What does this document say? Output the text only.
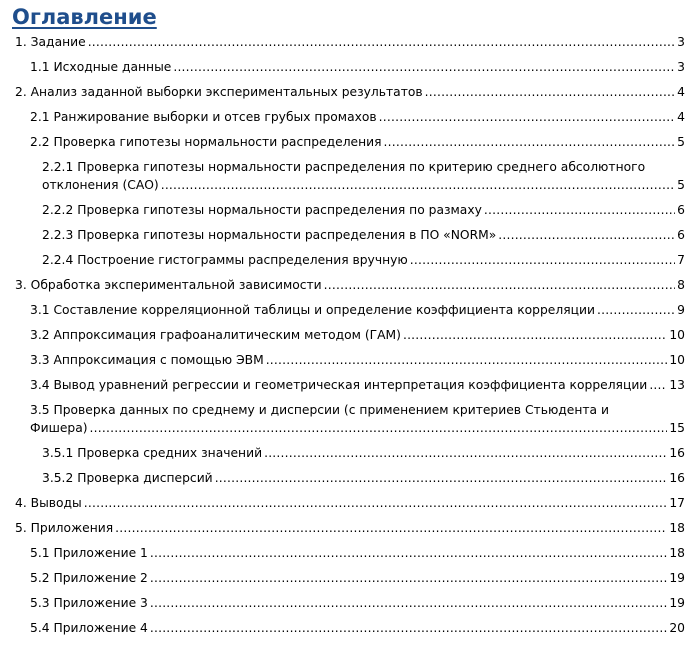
Оглавление
1. Задание .....	3
1.1 Исходные данные .....	3
2. Анализ заданной выборки экспериментальных результатов .....	4
2.1 Ранжирование выборки и отсев грубых промахов .....	4
2.2 Проверка гипотезы нормальности распределения .....	5
2.2.1 Проверка гипотезы нормальности распределения по критерию среднего абсолютного
отклонения (САО) .....	5
2.2.2 Проверка гипотезы нормальности распределения по размаху .....	6
2.2.3 Проверка гипотезы нормальности распределения в ПО «NORM» .....	6
2.2.4 Построение гистограммы распределения вручную .....	7
3. Обработка экспериментальной зависимости .....	8
3.1 Составление корреляционной таблицы и определение коэффициента корреляции .....	9
3.2 Аппроксимация графоаналитическим методом (ГАМ) .....	10
3.3 Аппроксимация с помощью ЭВМ .....	10
3.4 Вывод уравнений регрессии и геометрическая интерпретация коэффициента корреляции ..... 13
3.5 Проверка данных по среднему и дисперсии (с применением критериев Стьюдента и
Фишера) .....	15
3.5.1 Проверка средних значений .....	16
3.5.2 Проверка дисперсий .....	16
4. Выводы .....	17
5. Приложения .....	18
5.1 Приложение 1 .....	18
5.2 Приложение 2 .....	19
5.3 Приложение 3 .....	19
5.4 Приложение 4 .....	20
